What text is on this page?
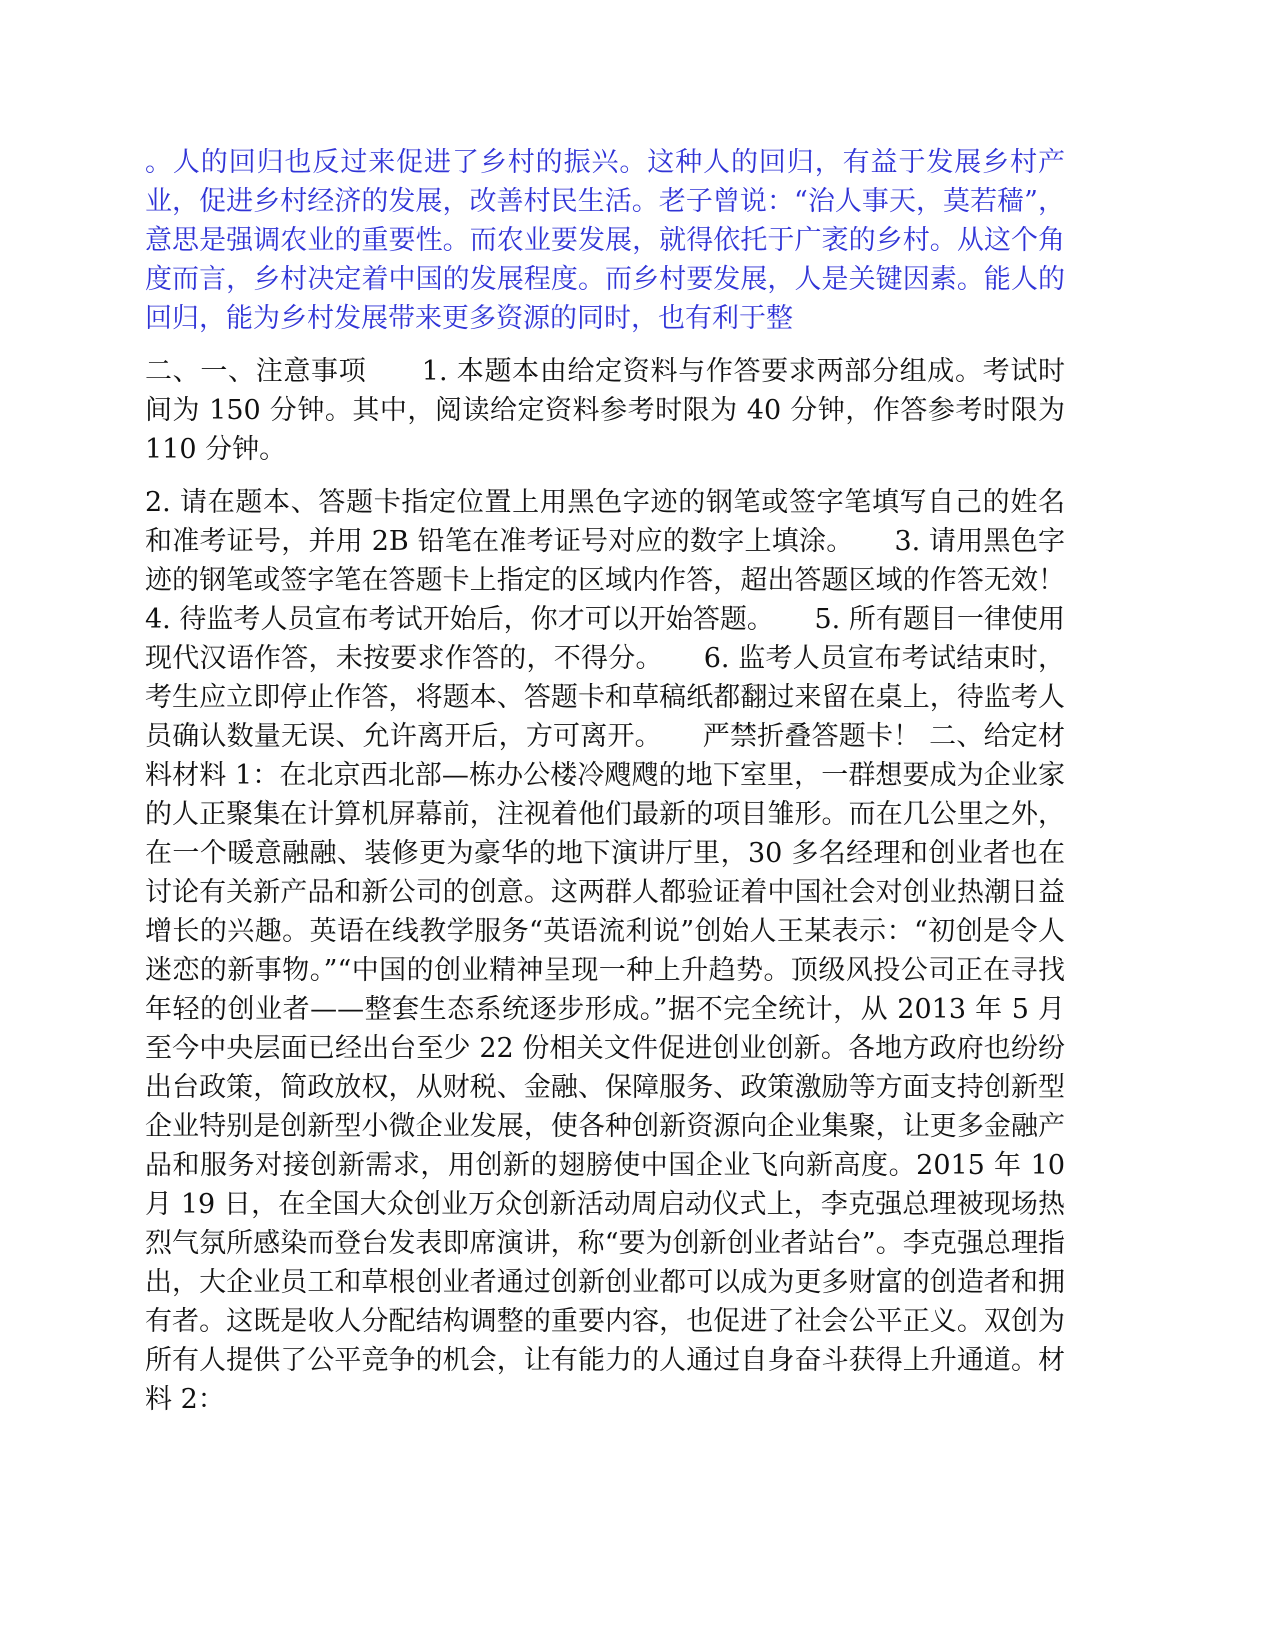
。人的回归也反过来促进了乡村的振兴。这种人的回归，有益于发展乡村产业，促进乡村经济的发展，改善村民生活。老子曾说：“治人事天，莫若穑”，意思是强调农业的重要性。而农业要发展，就得依托于广袤的乡村。从这个角度而言，乡村决定着中国的发展程度。而乡村要发展，人是关键因素。能人的回归，能为乡村发展带来更多资源的同时，也有利于整

二、一、注意事项　　1. 本题本由给定资料与作答要求两部分组成。考试时间为 150 分钟。其中，阅读给定资料参考时限为 40 分钟，作答参考时限为 110 分钟。

2. 请在题本、答题卡指定位置上用黑色字迹的钢笔或签字笔填写自己的姓名和准考证号，并用 2B 铅笔在准考证号对应的数字上填涂。　　3. 请用黑色字迹的钢笔或签字笔在答题卡上指定的区域内作答，超出答题区域的作答无效！　　4. 待监考人员宣布考试开始后，你才可以开始答题。　　5. 所有题目一律使用现代汉语作答，未按要求作答的，不得分。　　6. 监考人员宣布考试结束时，考生应立即停止作答，将题本、答题卡和草稿纸都翻过来留在桌上，待监考人员确认数量无误、允许离开后，方可离开。　　严禁折叠答题卡！ 二、给定材料材料 1：在北京西北部—栋办公楼冷飕飕的地下室里，一群想要成为企业家的人正聚集在计算机屏幕前，注视着他们最新的项目雏形。而在几公里之外，在一个暖意融融、装修更为豪华的地下演讲厅里，30 多名经理和创业者也在讨论有关新产品和新公司的创意。这两群人都验证着中国社会对创业热潮日益增长的兴趣。英语在线教学服务“英语流利说”创始人王某表示：“初创是令人迷恋的新事物。”“中国的创业精神呈现一种上升趋势。顶级风投公司正在寻找年轻的创业者——整套生态系统逐步形成。”据不完全统计，从 2013 年 5 月至今中央层面已经出台至少 22 份相关文件促进创业创新。各地方政府也纷纷出台政策，简政放权，从财税、金融、保障服务、政策激励等方面支持创新型企业特别是创新型小微企业发展，使各种创新资源向企业集聚，让更多金融产品和服务对接创新需求，用创新的翅膀使中国企业飞向新高度。2015 年 10 月 19 日，在全国大众创业万众创新活动周启动仪式上，李克强总理被现场热烈气氛所感染而登台发表即席演讲，称“要为创新创业者站台”。李克强总理指出，大企业员工和草根创业者通过创新创业都可以成为更多财富的创造者和拥有者。这既是收人分配结构调整的重要内容，也促进了社会公平正义。双创为所有人提供了公平竞争的机会，让有能力的人通过自身奋斗获得上升通道。材料 2：
